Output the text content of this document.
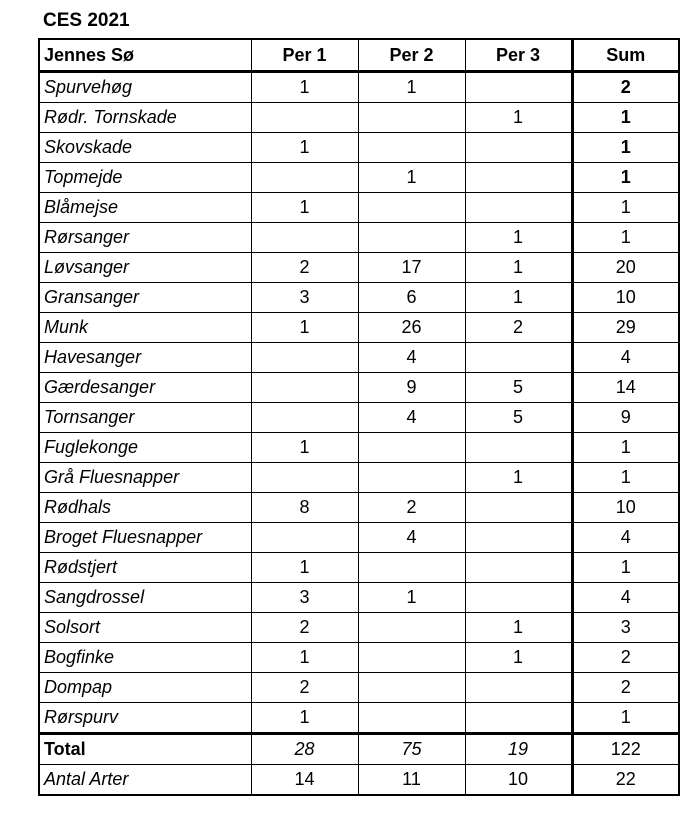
CES 2021
Jennes Sø	Per 1	Per 2	Per 3	Sum
Spurvehøg	1	1		2
Rødr. Tornskade			1	1
Skovskade	1			1
Topmejde		1		1
Blåmejse	1			1
Rørsanger			1	1
Løvsanger	2	17	1	20
Gransanger	3	6	1	10
Munk	1	26	2	29
Havesanger		4		4
Gærdesanger		9	5	14
Tornsanger		4	5	9
Fuglekonge	1			1
Grå Fluesnapper			1	1
Rødhals	8	2		10
Broget Fluesnapper		4		4
Rødstjert	1			1
Sangdrossel	3	1		4
Solsort	2		1	3
Bogfinke	1		1	2
Dompap	2			2
Rørspurv	1			1
Total	28	75	19	122
Antal Arter	14	11	10	22
